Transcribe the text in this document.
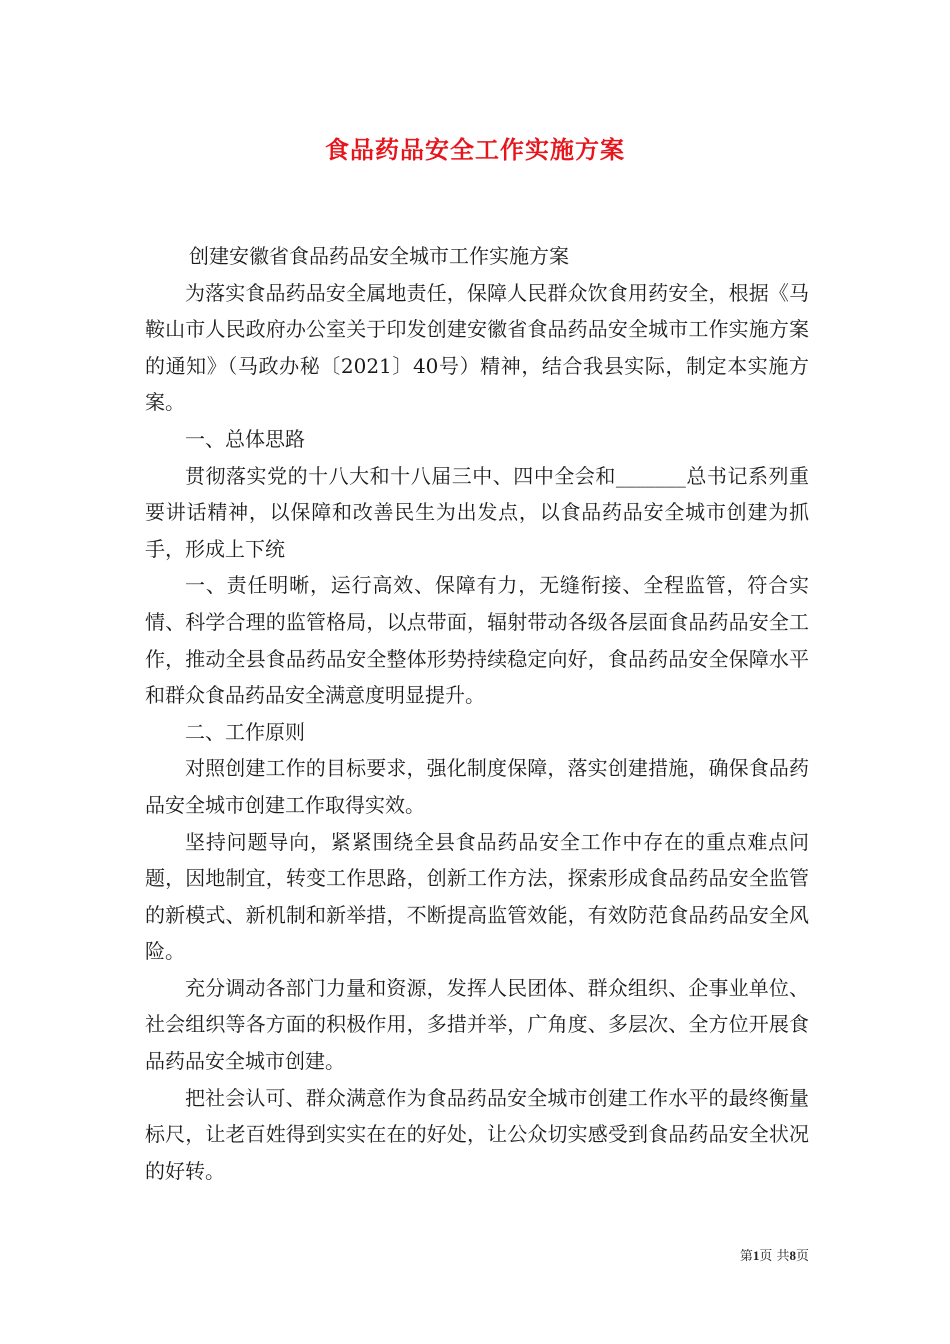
食品药品安全工作实施方案

创建安徽省食品药品安全城市工作实施方案

为落实食品药品安全属地责任，保障人民群众饮食用药安全，根据《马鞍山市人民政府办公室关于印发创建安徽省食品药品安全城市工作实施方案的通知》（马政办秘〔2021〕40号）精神，结合我县实际，制定本实施方案。

一、总体思路

贯彻落实党的十八大和十八届三中、四中全会和_______总书记系列重要讲话精神，以保障和改善民生为出发点，以食品药品安全城市创建为抓手，形成上下统

一、责任明晰，运行高效、保障有力，无缝衔接、全程监管，符合实情、科学合理的监管格局，以点带面，辐射带动各级各层面食品药品安全工作，推动全县食品药品安全整体形势持续稳定向好，食品药品安全保障水平和群众食品药品安全满意度明显提升。

二、工作原则

对照创建工作的目标要求，强化制度保障，落实创建措施，确保食品药品安全城市创建工作取得实效。

坚持问题导向，紧紧围绕全县食品药品安全工作中存在的重点难点问题，因地制宜，转变工作思路，创新工作方法，探索形成食品药品安全监管的新模式、新机制和新举措，不断提高监管效能，有效防范食品药品安全风险。

充分调动各部门力量和资源，发挥人民团体、群众组织、企事业单位、社会组织等各方面的积极作用，多措并举，广角度、多层次、全方位开展食品药品安全城市创建。

把社会认可、群众满意作为食品药品安全城市创建工作水平的最终衡量标尺，让老百姓得到实实在在的好处，让公众切实感受到食品药品安全状况的好转。

第1页 共8页
